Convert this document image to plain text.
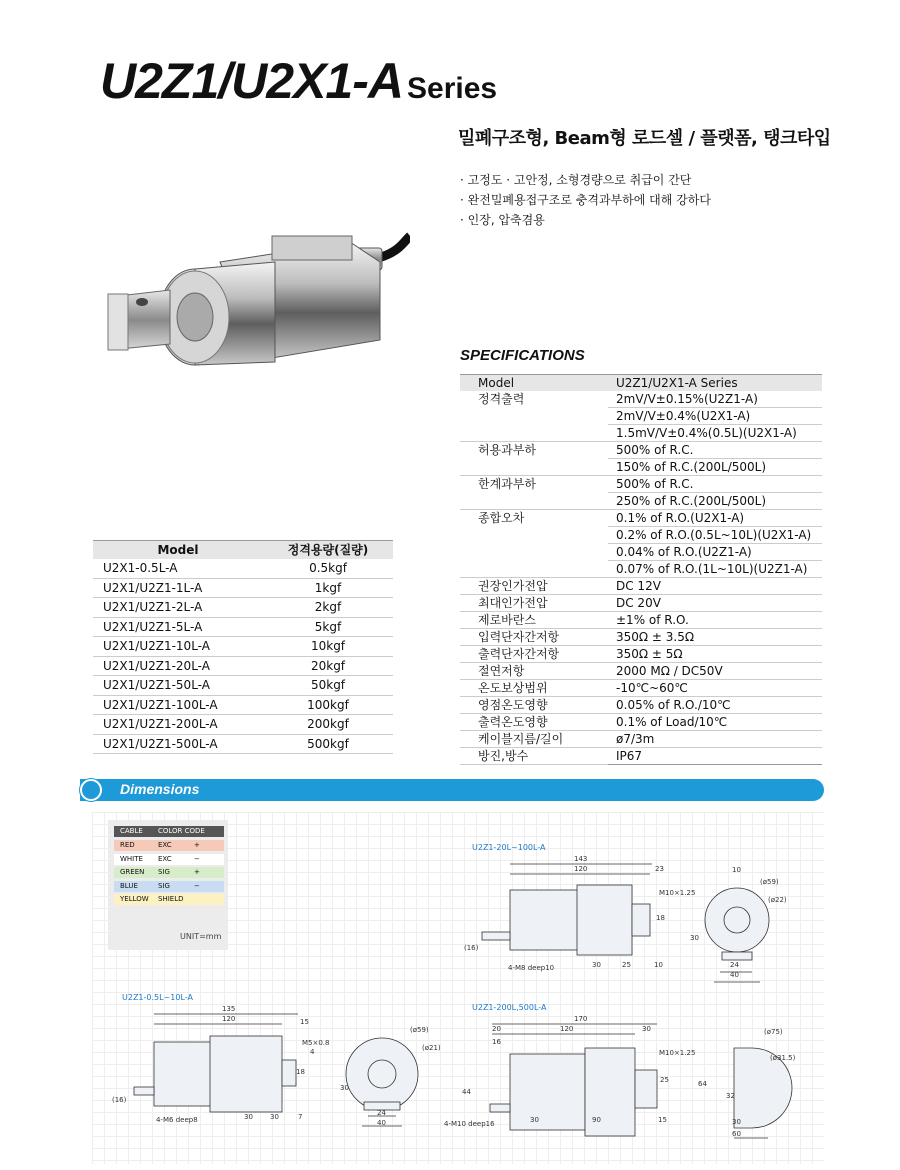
U2Z1/U2X1-A Series
밀폐구조형, Beam형 로드셀 / 플랫폼, 탱크타입
· 고정도 · 고안정, 소형경량으로 취급이 간단
· 완전밀폐용접구조로 충격과부하에 대해 강하다
· 인장, 압축겸용
SPECIFICATIONS
Model	U2Z1/U2X1-A Series
정격출력	2mV/V±0.15%(U2Z1-A)
	2mV/V±0.4%(U2X1-A)
	1.5mV/V±0.4%(0.5L)(U2X1-A)
허용과부하	500% of R.C.
	150% of R.C.(200L/500L)
한계과부하	500% of R.C.
	250% of R.C.(200L/500L)
종합오차	0.1% of R.O.(U2X1-A)
	0.2% of R.O.(0.5L~10L)(U2X1-A)
	0.04% of R.O.(U2Z1-A)
	0.07% of R.O.(1L~10L)(U2Z1-A)
권장인가전압	DC 12V
최대인가전압	DC 20V
제로바란스	±1% of R.O.
입력단자간저항	350Ω ± 3.5Ω
출력단자간저항	350Ω ± 5Ω
절연저항	2000 MΩ / DC50V
온도보상범위	-10℃~60℃
영점온도영향	0.05% of R.O./10℃
출력온도영향	0.1% of Load/10℃
케이블지름/길이	ø7/3m
방진,방수	IP67
Model	정격용량(질량)
U2X1-0.5L-A	0.5kgf
U2X1/U2Z1-1L-A	1kgf
U2X1/U2Z1-2L-A	2kgf
U2X1/U2Z1-5L-A	5kgf
U2X1/U2Z1-10L-A	10kgf
U2X1/U2Z1-20L-A	20kgf
U2X1/U2Z1-50L-A	50kgf
U2X1/U2Z1-100L-A	100kgf
U2X1/U2Z1-200L-A	200kgf
U2X1/U2Z1-500L-A	500kgf
Dimensions
CABLE COLOR CODE
RED	EXC	+
WHITE EXC	−
GREEN SIG	+
BLUE	SIG	−
YELLOW SHIELD
UNIT=mm
U2Z1-20L~100L-A
U2Z1-0.5L~10L-A
U2Z1-200L,500L-A
143
120	23
M10×1.25
18
(16)
4-M8 deep10	30	25	10
(ø59)
(ø22)
10
30
24
40
135
120	15
M5×0.8
4
18
(16)
4-M6 deep8	30 30	7
(ø59)
(ø21)
30
24
40
170
20	120	30
16
M10×1.25
25
44
4-M10 deep16	30	90	15
(ø75)
(ø31.5)
64
32
30
60
